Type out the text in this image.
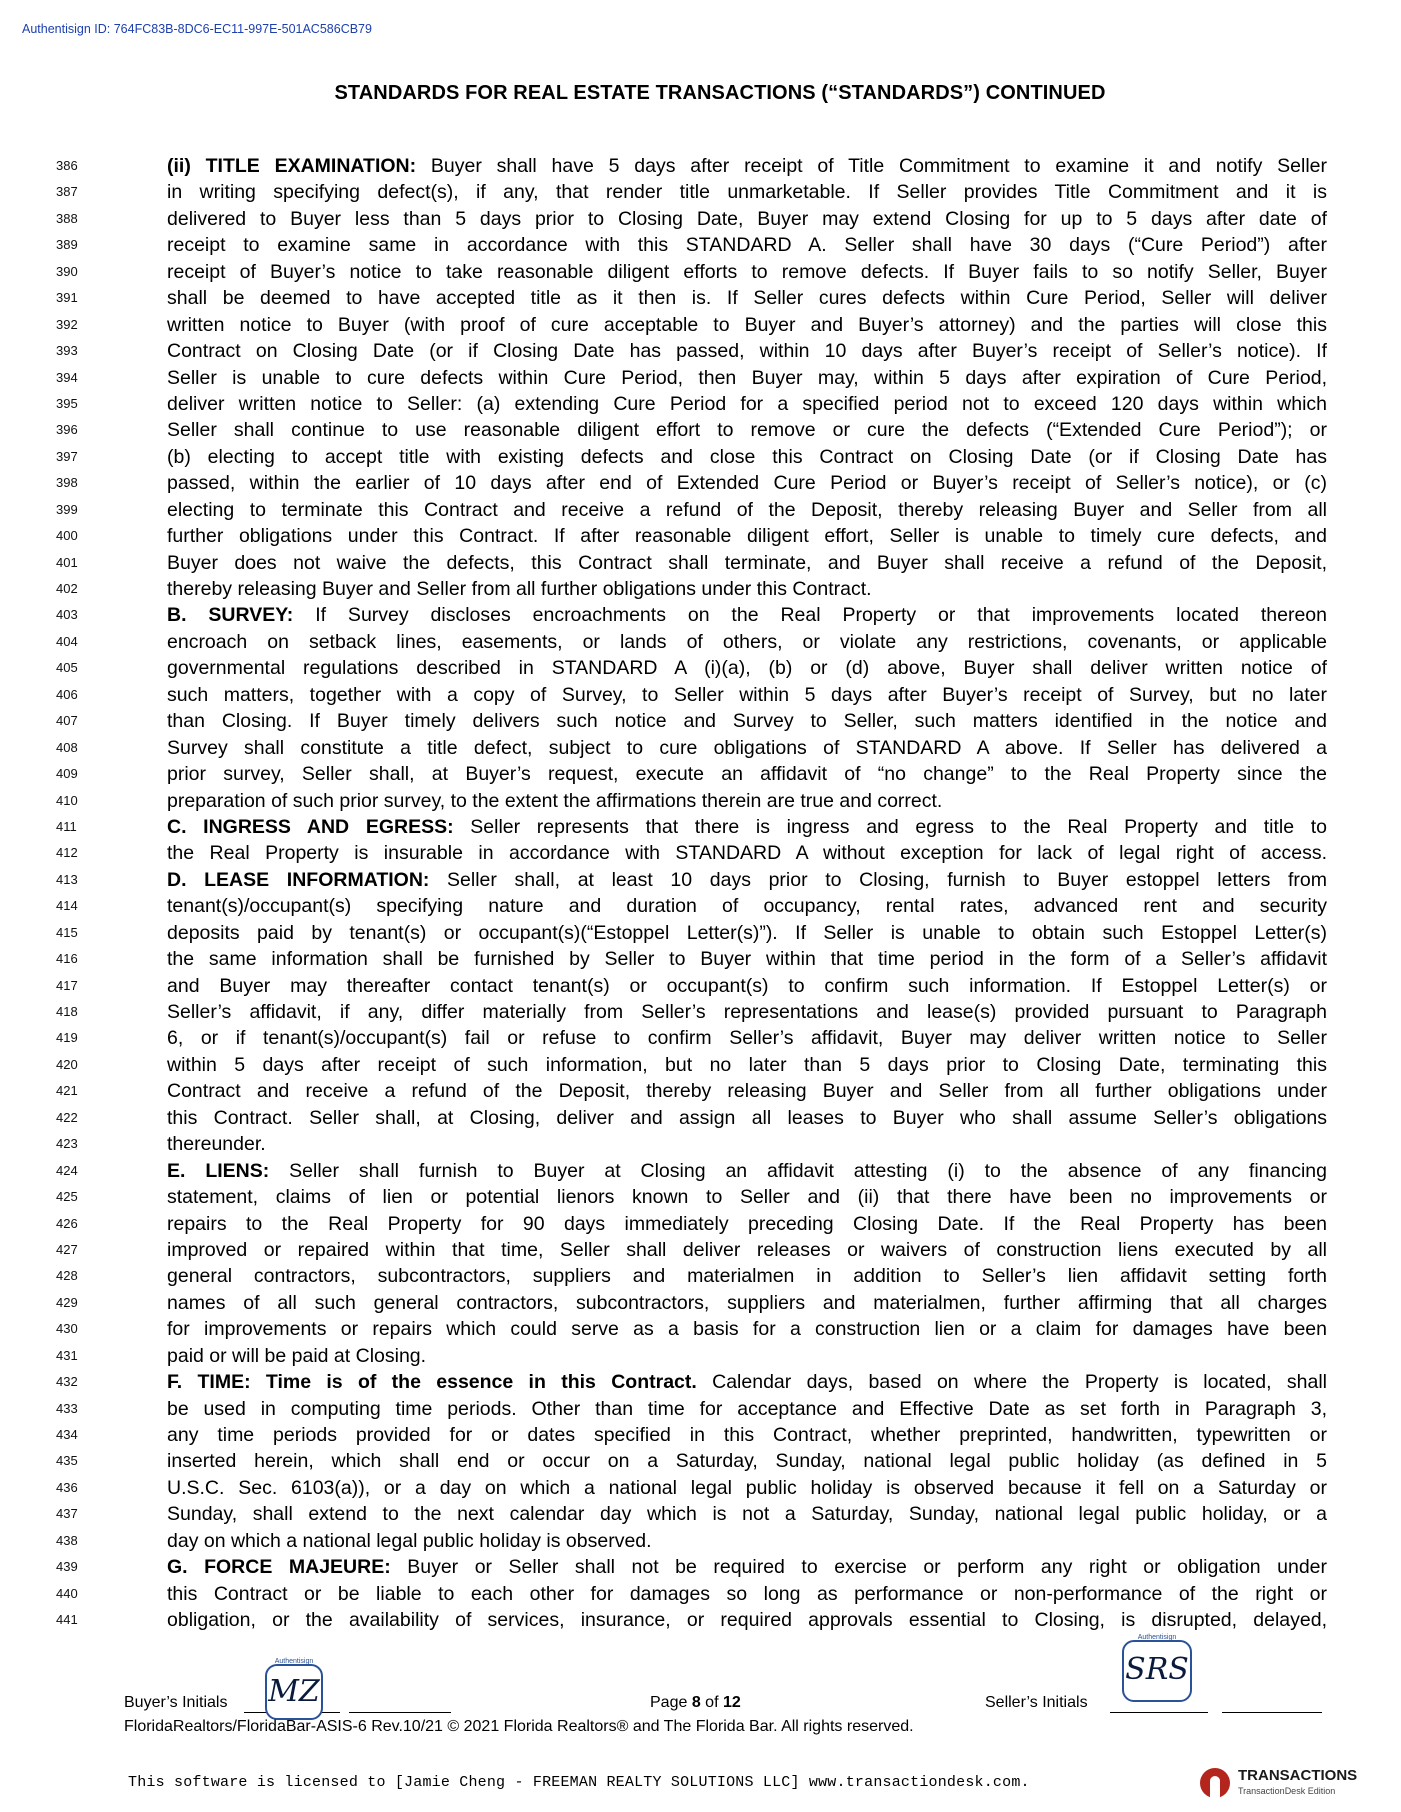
Authentisign ID: 764FC83B-8DC6-EC11-997E-501AC586CB79
STANDARDS FOR REAL ESTATE TRANSACTIONS (“STANDARDS”) CONTINUED
386	(ii) TITLE EXAMINATION: Buyer shall have 5 days after receipt of Title Commitment to examine it and notify Seller
387	in writing specifying defect(s), if any, that render title unmarketable. If Seller provides Title Commitment and it is
388	delivered to Buyer less than 5 days prior to Closing Date, Buyer may extend Closing for up to 5 days after date of
389	receipt to examine same in accordance with this STANDARD A. Seller shall have 30 days (“Cure Period”) after
390	receipt of Buyer’s notice to take reasonable diligent efforts to remove defects. If Buyer fails to so notify Seller, Buyer
391	shall be deemed to have accepted title as it then is. If Seller cures defects within Cure Period, Seller will deliver
392	written notice to Buyer (with proof of cure acceptable to Buyer and Buyer’s attorney) and the parties will close this
393	Contract on Closing Date (or if Closing Date has passed, within 10 days after Buyer’s receipt of Seller’s notice). If
394	Seller is unable to cure defects within Cure Period, then Buyer may, within 5 days after expiration of Cure Period,
395	deliver written notice to Seller: (a) extending Cure Period for a specified period not to exceed 120 days within which
396	Seller shall continue to use reasonable diligent effort to remove or cure the defects (“Extended Cure Period”); or
397	(b) electing to accept title with existing defects and close this Contract on Closing Date (or if Closing Date has
398	passed, within the earlier of 10 days after end of Extended Cure Period or Buyer’s receipt of Seller’s notice), or (c)
399	electing to terminate this Contract and receive a refund of the Deposit, thereby releasing Buyer and Seller from all
400	further obligations under this Contract. If after reasonable diligent effort, Seller is unable to timely cure defects, and
401	Buyer does not waive the defects, this Contract shall terminate, and Buyer shall receive a refund of the Deposit,
402	thereby releasing Buyer and Seller from all further obligations under this Contract.
403	B. SURVEY: If Survey discloses encroachments on the Real Property or that improvements located thereon
404	encroach on setback lines, easements, or lands of others, or violate any restrictions, covenants, or applicable
405	governmental regulations described in STANDARD A (i)(a), (b) or (d) above, Buyer shall deliver written notice of
406	such matters, together with a copy of Survey, to Seller within 5 days after Buyer’s receipt of Survey, but no later
407	than Closing. If Buyer timely delivers such notice and Survey to Seller, such matters identified in the notice and
408	Survey shall constitute a title defect, subject to cure obligations of STANDARD A above. If Seller has delivered a
409	prior survey, Seller shall, at Buyer’s request, execute an affidavit of “no change” to the Real Property since the
410	preparation of such prior survey, to the extent the affirmations therein are true and correct.
411	C. INGRESS AND EGRESS: Seller represents that there is ingress and egress to the Real Property and title to
412	the Real Property is insurable in accordance with STANDARD A without exception for lack of legal right of access.
413	D. LEASE INFORMATION: Seller shall, at least 10 days prior to Closing, furnish to Buyer estoppel letters from
414	tenant(s)/occupant(s) specifying nature and duration of occupancy, rental rates, advanced rent and security
415	deposits paid by tenant(s) or occupant(s)(“Estoppel Letter(s)”). If Seller is unable to obtain such Estoppel Letter(s)
416	the same information shall be furnished by Seller to Buyer within that time period in the form of a Seller’s affidavit
417	and Buyer may thereafter contact tenant(s) or occupant(s) to confirm such information. If Estoppel Letter(s) or
418	Seller’s affidavit, if any, differ materially from Seller’s representations and lease(s) provided pursuant to Paragraph
419	6, or if tenant(s)/occupant(s) fail or refuse to confirm Seller’s affidavit, Buyer may deliver written notice to Seller
420	within 5 days after receipt of such information, but no later than 5 days prior to Closing Date, terminating this
421	Contract and receive a refund of the Deposit, thereby releasing Buyer and Seller from all further obligations under
422	this Contract. Seller shall, at Closing, deliver and assign all leases to Buyer who shall assume Seller’s obligations
423	thereunder.
424	E. LIENS: Seller shall furnish to Buyer at Closing an affidavit attesting (i) to the absence of any financing
425	statement, claims of lien or potential lienors known to Seller and (ii) that there have been no improvements or
426	repairs to the Real Property for 90 days immediately preceding Closing Date. If the Real Property has been
427	improved or repaired within that time, Seller shall deliver releases or waivers of construction liens executed by all
428	general contractors, subcontractors, suppliers and materialmen in addition to Seller’s lien affidavit setting forth
429	names of all such general contractors, subcontractors, suppliers and materialmen, further affirming that all charges
430	for improvements or repairs which could serve as a basis for a construction lien or a claim for damages have been
431	paid or will be paid at Closing.
432	F. TIME: Time is of the essence in this Contract. Calendar days, based on where the Property is located, shall
433	be used in computing time periods. Other than time for acceptance and Effective Date as set forth in Paragraph 3,
434	any time periods provided for or dates specified in this Contract, whether preprinted, handwritten, typewritten or
435	inserted herein, which shall end or occur on a Saturday, Sunday, national legal public holiday (as defined in 5
436	U.S.C. Sec. 6103(a)), or a day on which a national legal public holiday is observed because it fell on a Saturday or
437	Sunday, shall extend to the next calendar day which is not a Saturday, Sunday, national legal public holiday, or a
438	day on which a national legal public holiday is observed.
439	G. FORCE MAJEURE: Buyer or Seller shall not be required to exercise or perform any right or obligation under
440	this Contract or be liable to each other for damages so long as performance or non-performance of the right or
441	obligation, or the availability of services, insurance, or required approvals essential to Closing, is disrupted, delayed,
Buyer’s Initials
Authentisign
MZ	Page 8 of 12	Seller’s Initials
Authentisign
SRS
FloridaRealtors/FloridaBar-ASIS-6 Rev.10/21 © 2021 Florida Realtors® and The Florida Bar. All rights reserved.
This software is licensed to [Jamie Cheng - FREEMAN REALTY SOLUTIONS LLC] www.transactiondesk.com.	TRANSACTIONS
TransactionDesk Edition
